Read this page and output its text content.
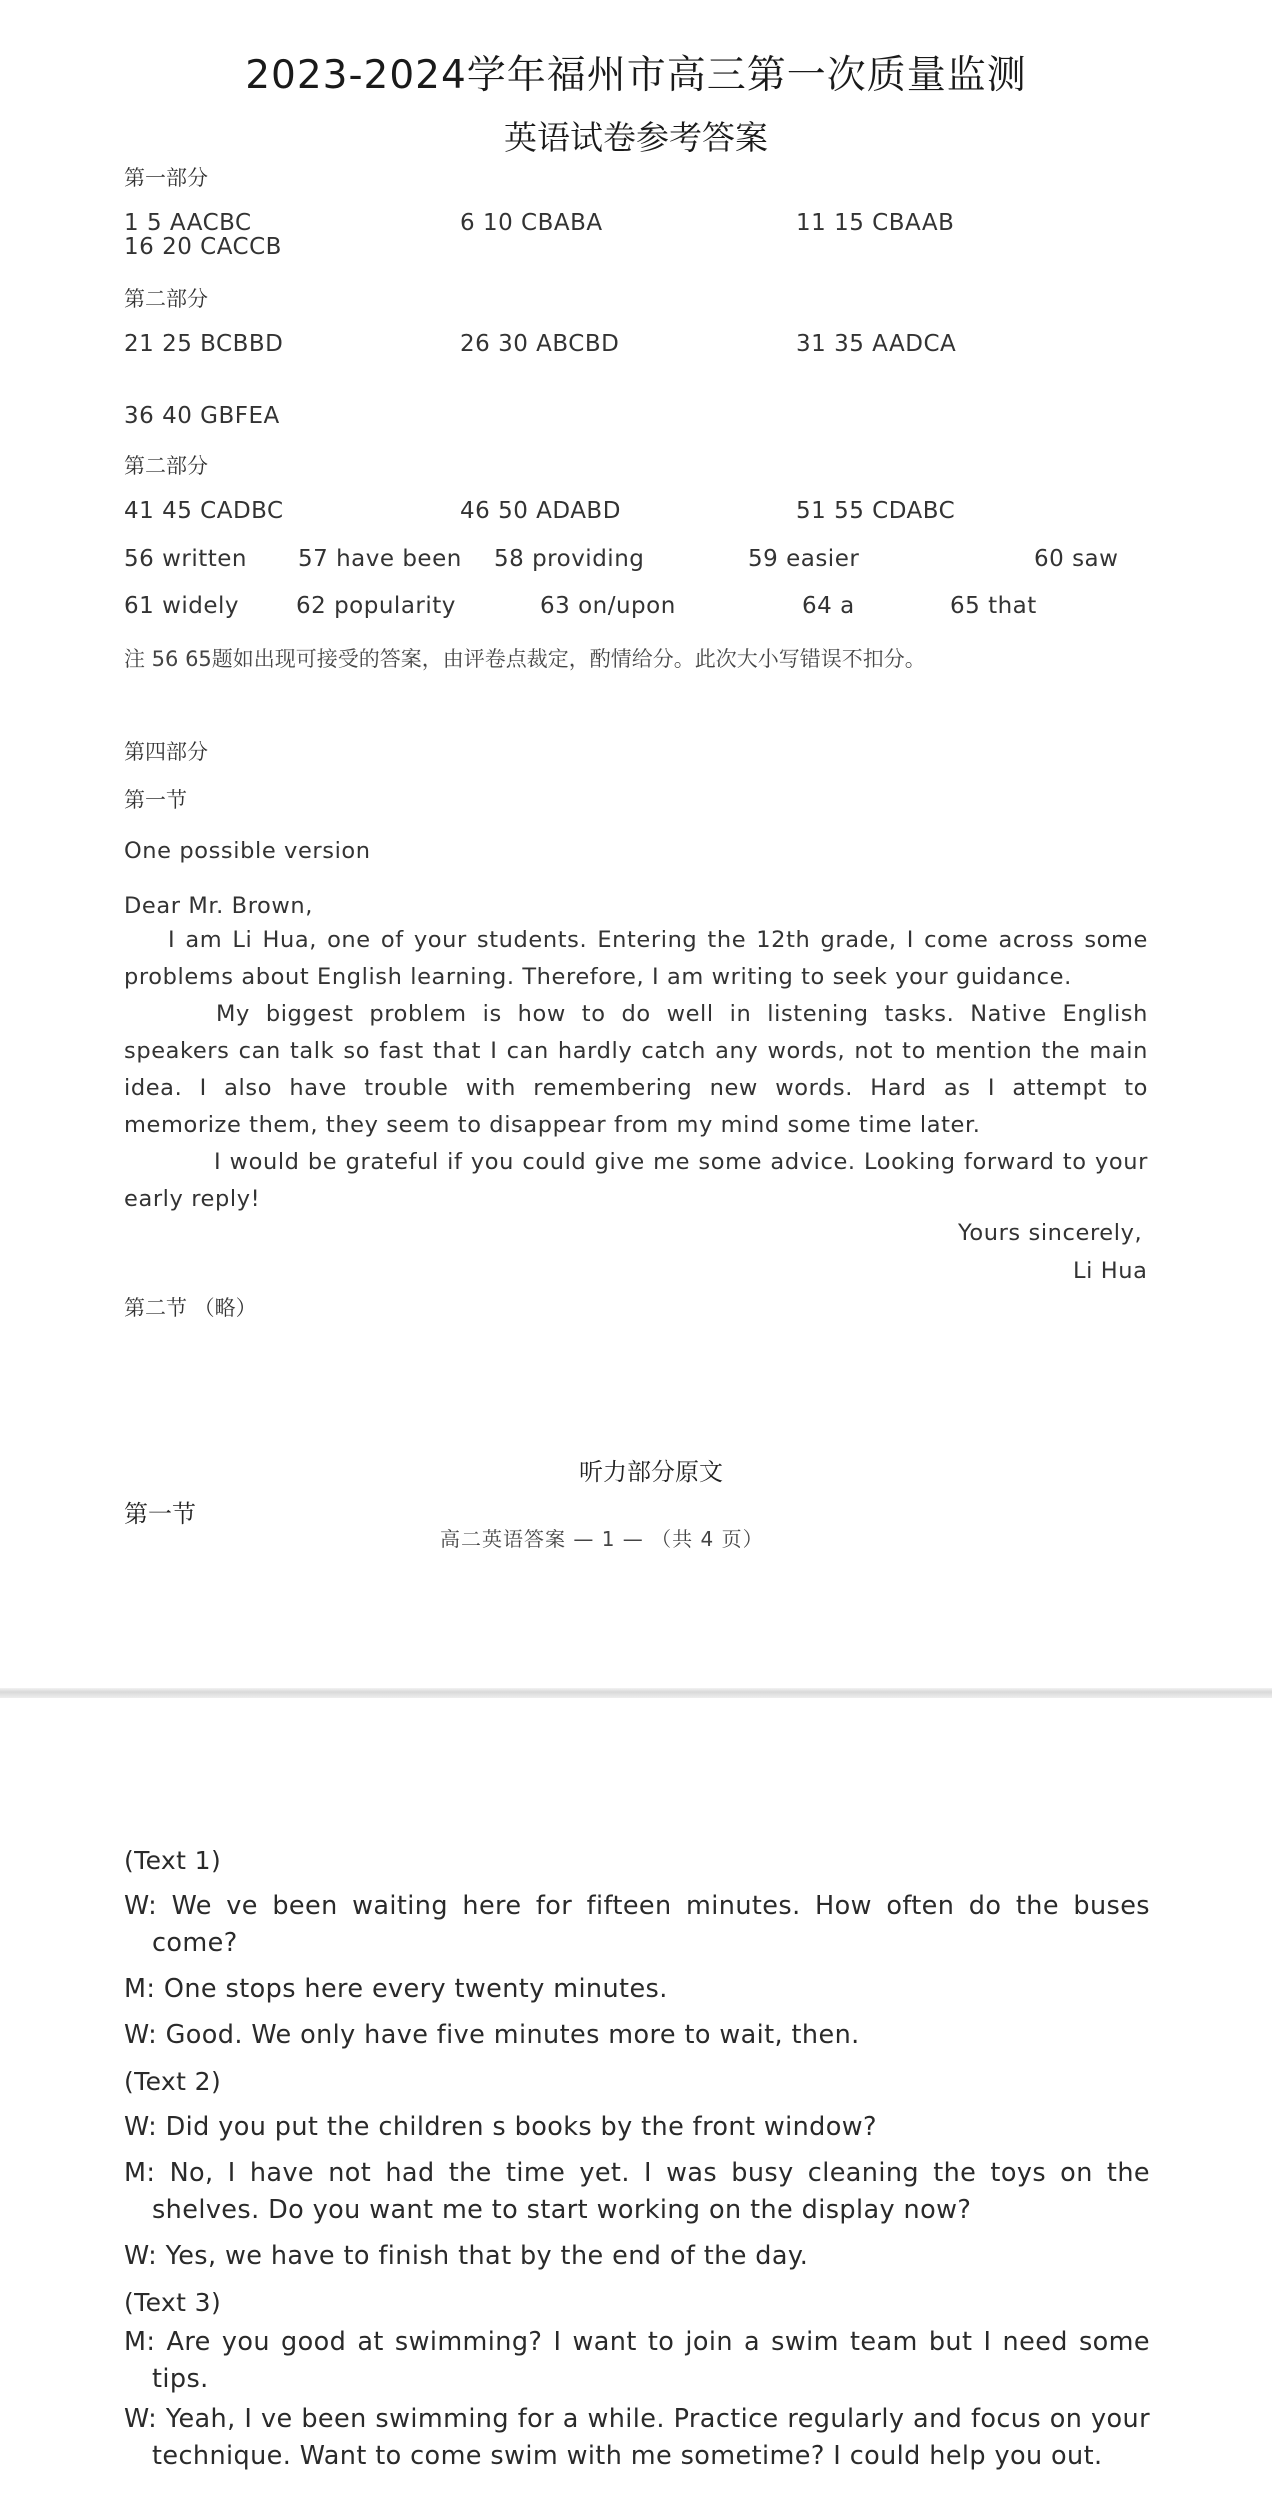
2023-2024学年福州市高三第一次质量监测
英语试卷参考答案
第一部分
1 5 AACBC	6 10 CBABA	11 15 CBAAB
16 20 CACCB
第二部分
21 25 BCBBD	26 30 ABCBD	31 35 AADCA
36 40 GBFEA
第二部分
41 45 CADBC	46 50 ADABD	51 55 CDABC
56 written 57 have been 58 providing	59 easier	60 saw
61 widely 62 popularity	63 on/upon	64 a	65 that
注 56 65题如出现可接受的答案，由评卷点裁定，酌情给分。此次大小写错误不扣分。
第四部分
第一节
One possible version
Dear Mr. Brown,

I am Li Hua, one of your students. Entering the 12th grade, I come across some problems about English learning. Therefore, I am writing to seek your guidance.

My biggest problem is how to do well in listening tasks. Native English speakers can talk so fast that I can hardly catch any words, not to mention the main idea. I also have trouble with remembering new words. Hard as I attempt to memorize them, they seem to disappear from my mind some time later.

I would be grateful if you could give me some advice. Looking forward to your early reply!

Yours sincerely,
Li Hua
第二节 （略）
听力部分原文
第一节
高二英语答案 — 1 — （共 4 页）
(Text 1)
W: We ve been waiting here for fifteen minutes. How often do the buses come?
M: One stops here every twenty minutes.
W: Good. We only have five minutes more to wait, then.
(Text 2)
W: Did you put the children s books by the front window?
M: No, I have not had the time yet. I was busy cleaning the toys on the shelves. Do you want me to start working on the display now?
W: Yes, we have to finish that by the end of the day.
(Text 3)
M: Are you good at swimming? I want to join a swim team but I need some tips.
W: Yeah, I ve been swimming for a while. Practice regularly and focus on your technique. Want to come swim with me sometime? I could help you out.
